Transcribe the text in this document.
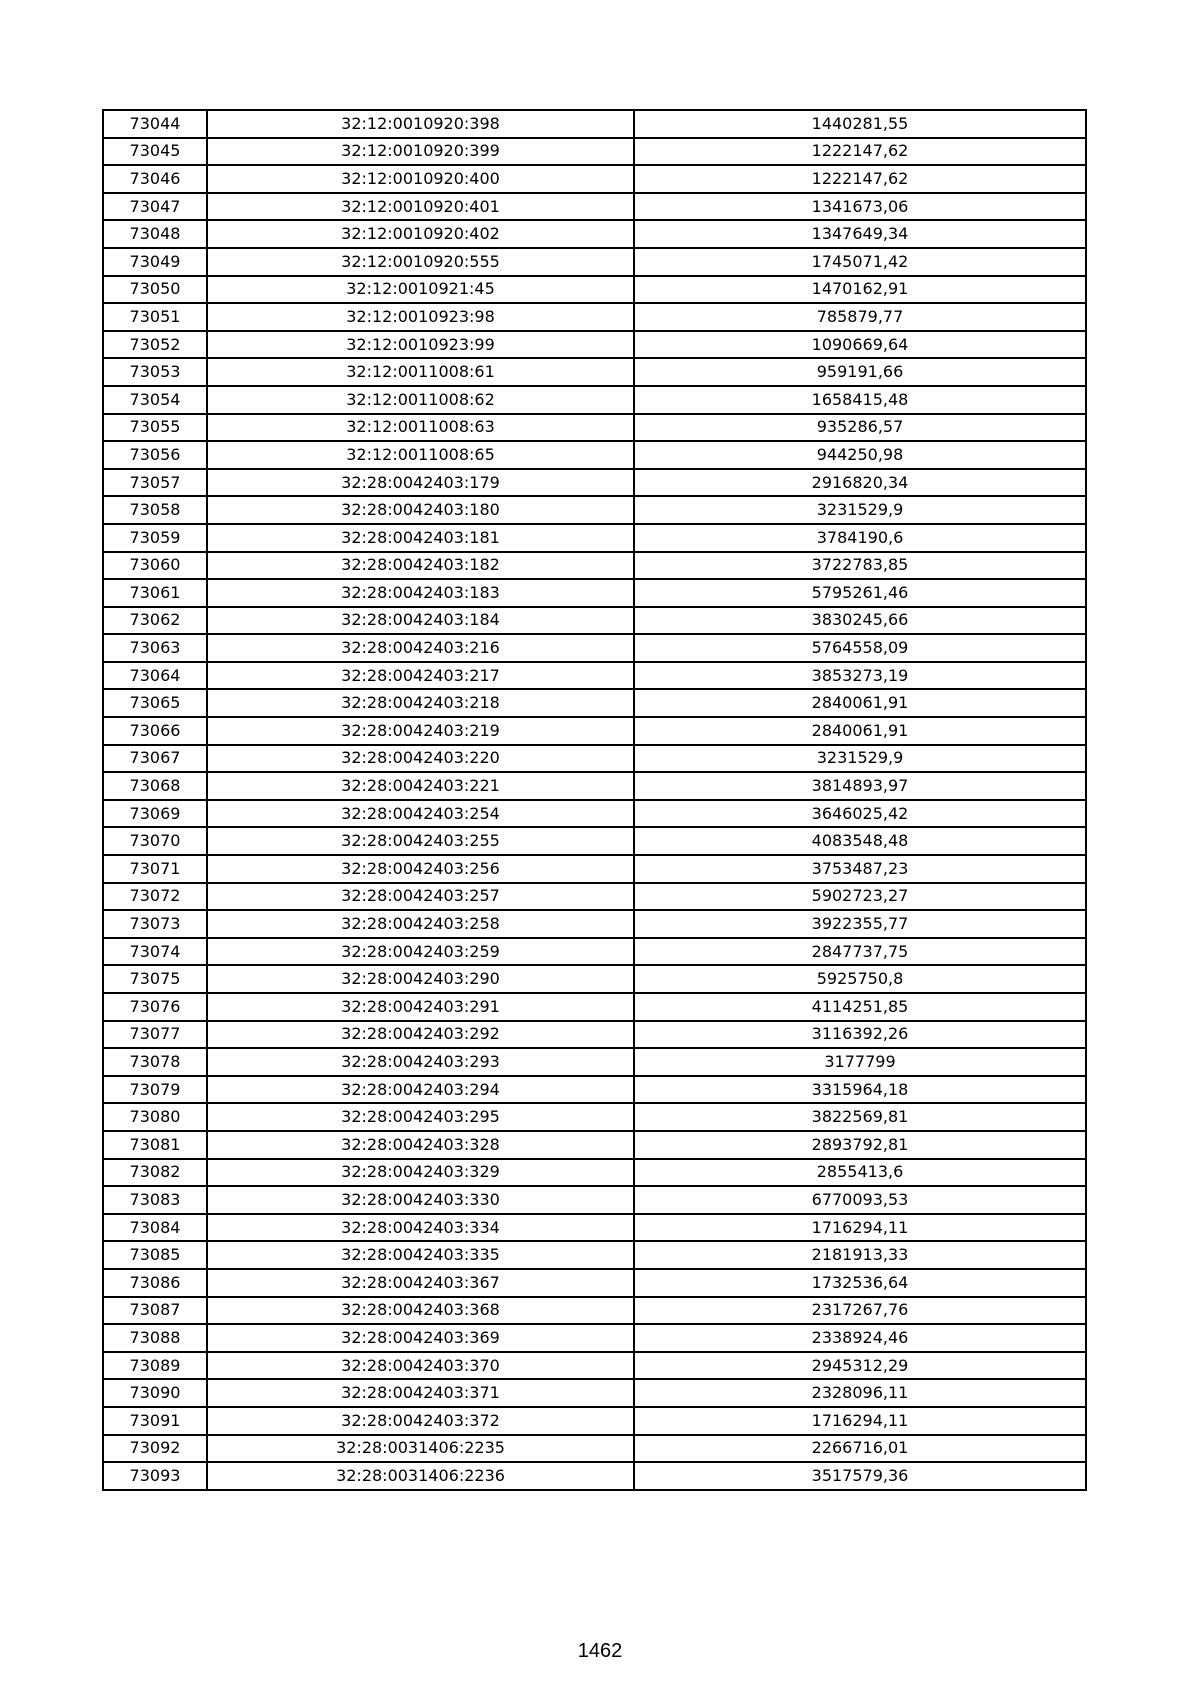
73044	32:12:0010920:398	1440281,55
73045	32:12:0010920:399	1222147,62
73046	32:12:0010920:400	1222147,62
73047	32:12:0010920:401	1341673,06
73048	32:12:0010920:402	1347649,34
73049	32:12:0010920:555	1745071,42
73050	32:12:0010921:45	1470162,91
73051	32:12:0010923:98	785879,77
73052	32:12:0010923:99	1090669,64
73053	32:12:0011008:61	959191,66
73054	32:12:0011008:62	1658415,48
73055	32:12:0011008:63	935286,57
73056	32:12:0011008:65	944250,98
73057	32:28:0042403:179	2916820,34
73058	32:28:0042403:180	3231529,9
73059	32:28:0042403:181	3784190,6
73060	32:28:0042403:182	3722783,85
73061	32:28:0042403:183	5795261,46
73062	32:28:0042403:184	3830245,66
73063	32:28:0042403:216	5764558,09
73064	32:28:0042403:217	3853273,19
73065	32:28:0042403:218	2840061,91
73066	32:28:0042403:219	2840061,91
73067	32:28:0042403:220	3231529,9
73068	32:28:0042403:221	3814893,97
73069	32:28:0042403:254	3646025,42
73070	32:28:0042403:255	4083548,48
73071	32:28:0042403:256	3753487,23
73072	32:28:0042403:257	5902723,27
73073	32:28:0042403:258	3922355,77
73074	32:28:0042403:259	2847737,75
73075	32:28:0042403:290	5925750,8
73076	32:28:0042403:291	4114251,85
73077	32:28:0042403:292	3116392,26
73078	32:28:0042403:293	3177799
73079	32:28:0042403:294	3315964,18
73080	32:28:0042403:295	3822569,81
73081	32:28:0042403:328	2893792,81
73082	32:28:0042403:329	2855413,6
73083	32:28:0042403:330	6770093,53
73084	32:28:0042403:334	1716294,11
73085	32:28:0042403:335	2181913,33
73086	32:28:0042403:367	1732536,64
73087	32:28:0042403:368	2317267,76
73088	32:28:0042403:369	2338924,46
73089	32:28:0042403:370	2945312,29
73090	32:28:0042403:371	2328096,11
73091	32:28:0042403:372	1716294,11
73092	32:28:0031406:2235	2266716,01
73093	32:28:0031406:2236	3517579,36
1462
